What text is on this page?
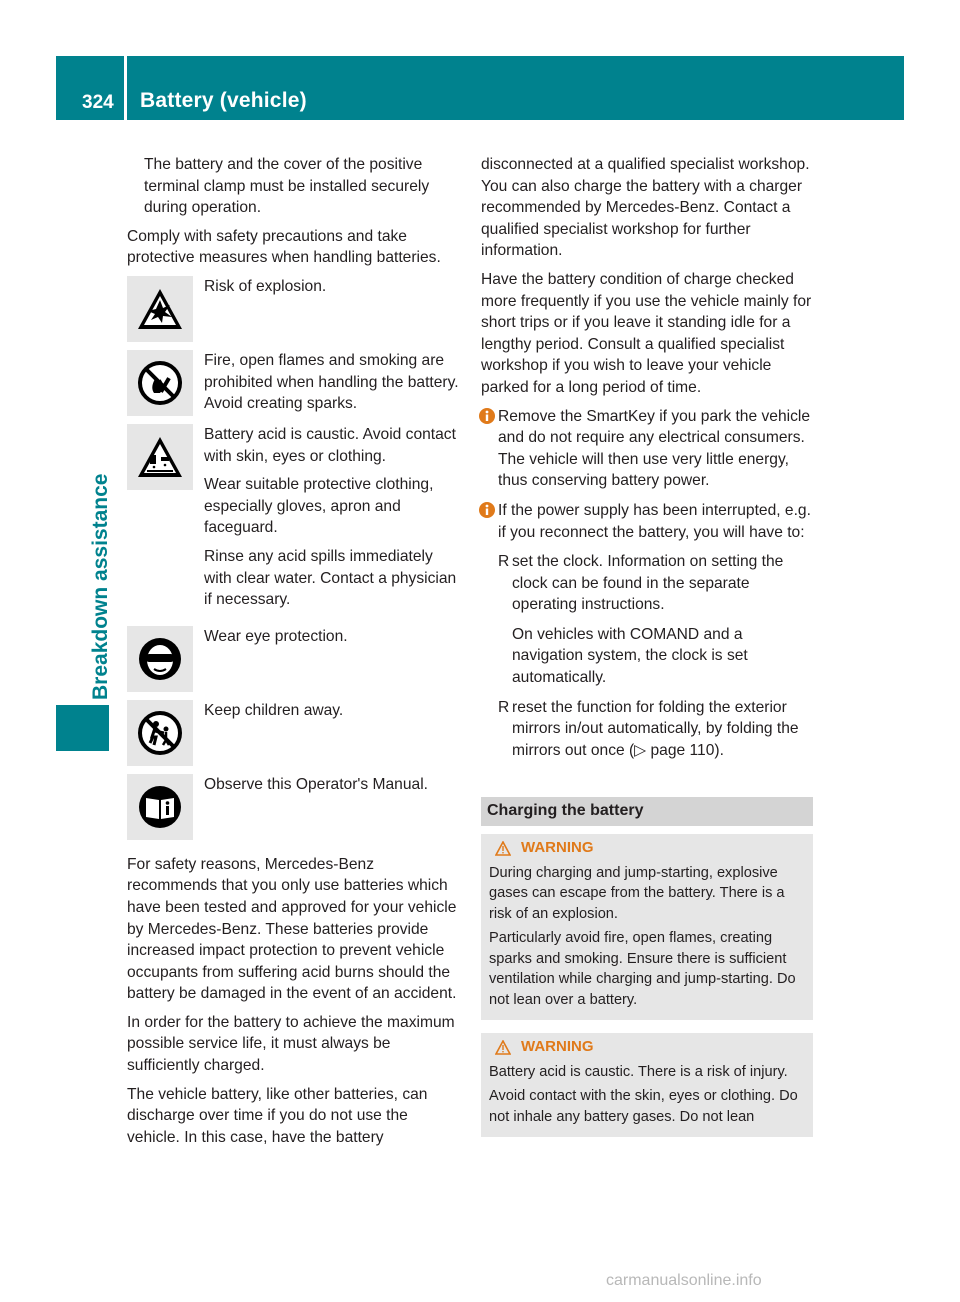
324 Battery (vehicle)
Breakdown assistance

The battery and the cover of the positive terminal clamp must be installed securely during operation.

Comply with safety precautions and take protective measures when handling batteries.

Risk of explosion.
Fire, open flames and smoking are prohibited when handling the battery. Avoid creating sparks.

Battery acid is caustic. Avoid contact with skin, eyes or clothing.

Wear suitable protective clothing, especially gloves, apron and faceguard.

Rinse any acid spills immediately with clear water. Contact a physician if necessary.

Wear eye protection.
Keep children away.
Observe this Operator's Manual.

For safety reasons, Mercedes-Benz recommends that you only use batteries which have been tested and approved for your vehicle by Mercedes-Benz. These batteries provide increased impact protection to prevent vehicle occupants from suffering acid burns should the battery be damaged in the event of an accident.

In order for the battery to achieve the maximum possible service life, it must always be sufficiently charged.

The vehicle battery, like other batteries, can discharge over time if you do not use the vehicle. In this case, have the battery

disconnected at a qualified specialist workshop. You can also charge the battery with a charger recommended by Mercedes-Benz. Contact a qualified specialist workshop for further information.

Have the battery condition of charge checked more frequently if you use the vehicle mainly for short trips or if you leave it standing idle for a lengthy period. Consult a qualified specialist workshop if you wish to leave your vehicle parked for a long period of time.

Remove the SmartKey if you park the vehicle and do not require any electrical consumers. The vehicle will then use very little energy, thus conserving battery power.
If the power supply has been interrupted, e.g. if you reconnect the battery, you will have to:
R set the clock. Information on setting the clock can be found in the separate operating instructions.

On vehicles with COMAND and a navigation system, the clock is set automatically.

R reset the function for folding the exterior mirrors in/out automatically, by folding the mirrors out once (▷ page 110).
Charging the battery
WARNING

During charging and jump-starting, explosive gases can escape from the battery. There is a risk of an explosion.

Particularly avoid fire, open flames, creating sparks and smoking. Ensure there is sufficient ventilation while charging and jump-starting. Do not lean over a battery.

WARNING

Battery acid is caustic. There is a risk of injury.

Avoid contact with the skin, eyes or clothing. Do not inhale any battery gases. Do not lean

carmanualsonline.info
